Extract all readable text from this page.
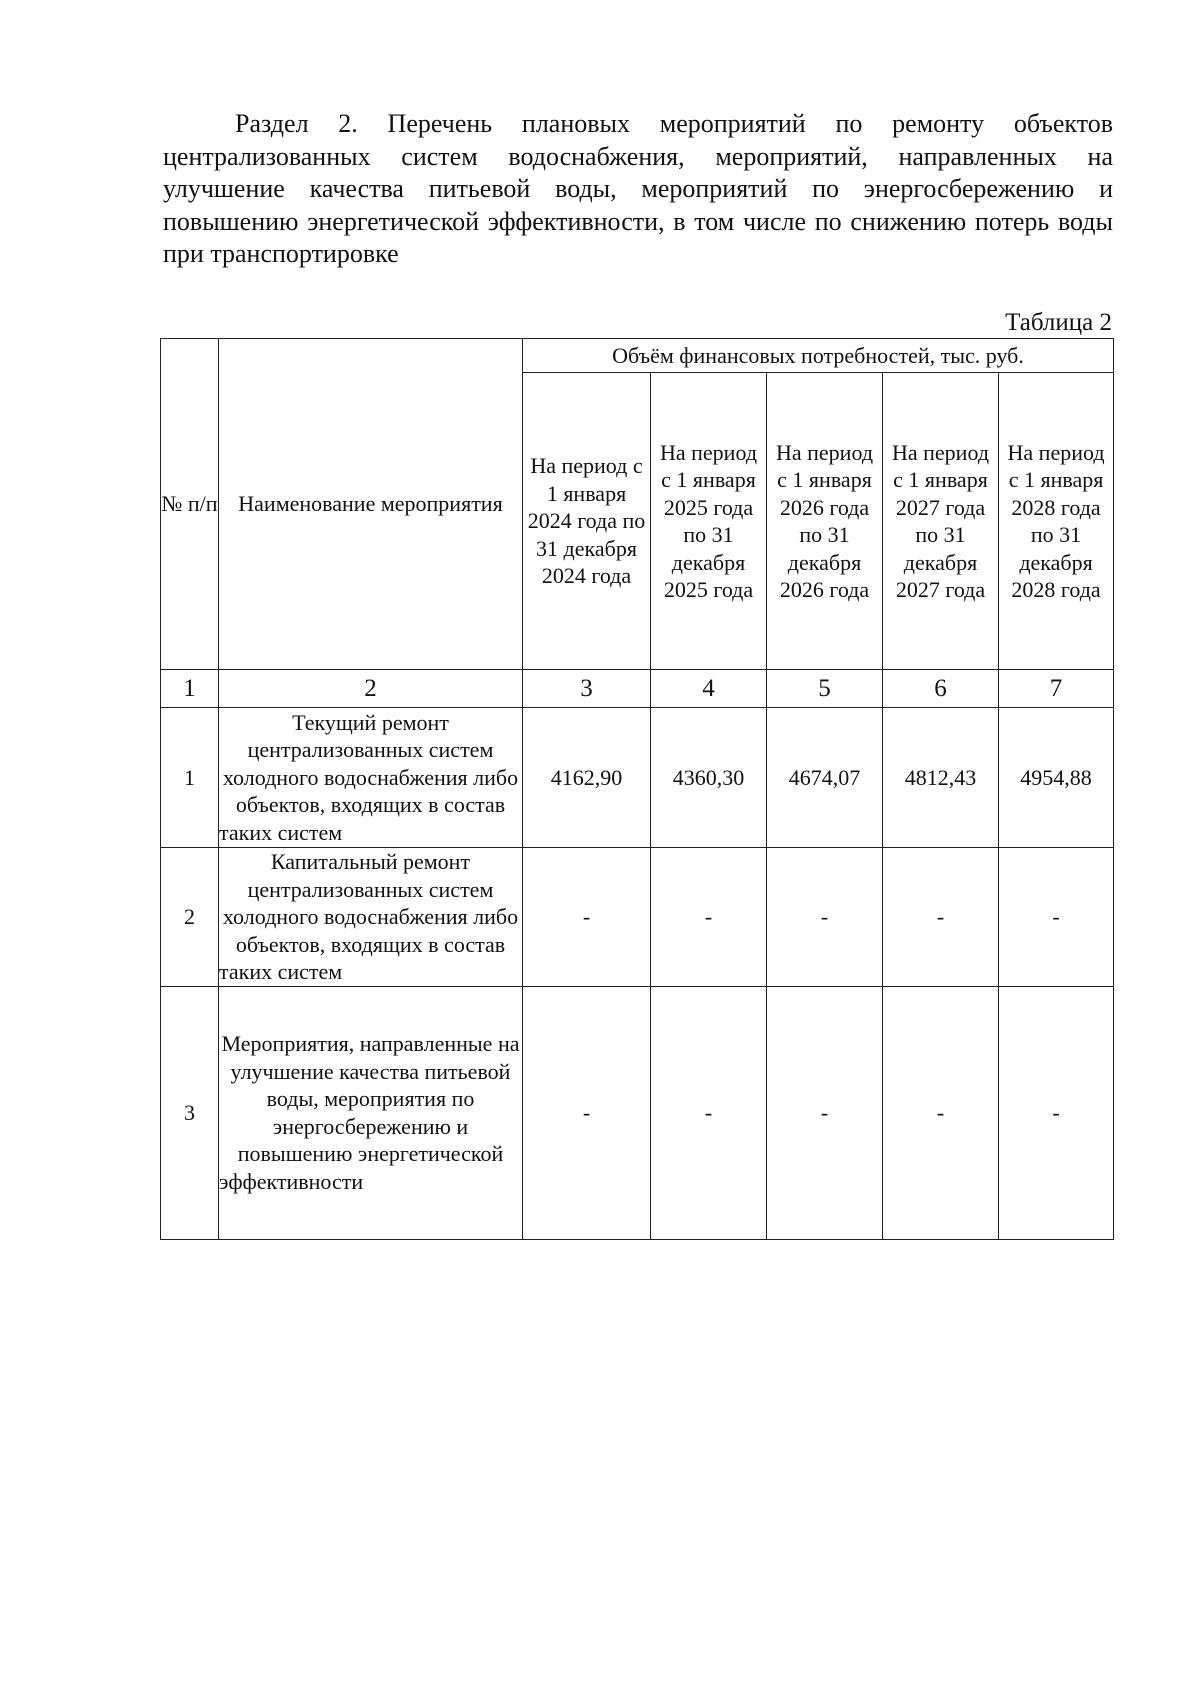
Раздел 2. Перечень плановых мероприятий по ремонту объектов централизованных систем водоснабжения, мероприятий, направленных на улучшение качества питьевой воды, мероприятий по энергосбережению и повышению энергетической эффективности, в том числе по снижению потерь воды при транспортировке

Таблица 2
№ п/п	Наименование мероприятия	Объём финансовых потребностей, тыс. руб.				

		На период с 1 января 2024 года по 31 декабря 2024 года	На период с 1 января 2025 года по 31 декабря 2025 года	На период с 1 января 2026 года по 31 декабря 2026 года	На период с 1 января 2027 года по 31 декабря 2027 года	На период с 1 января 2028 года по 31 декабря 2028 года

1	2	3	4	5	6	7
1	Текущий ремонт централизованных систем холодного водоснабжения либо объектов, входящих в состав таких систем	4162,90	4360,30	4674,07	4812,43	4954,88
2	Капитальный ремонт централизованных систем холодного водоснабжения либо объектов, входящих в состав таких систем	-	-	-	-	-
3	Мероприятия, направленные на улучшение качества питьевой воды, мероприятия по энергосбережению и повышению энергетической эффективности	-	-	-	-	-
